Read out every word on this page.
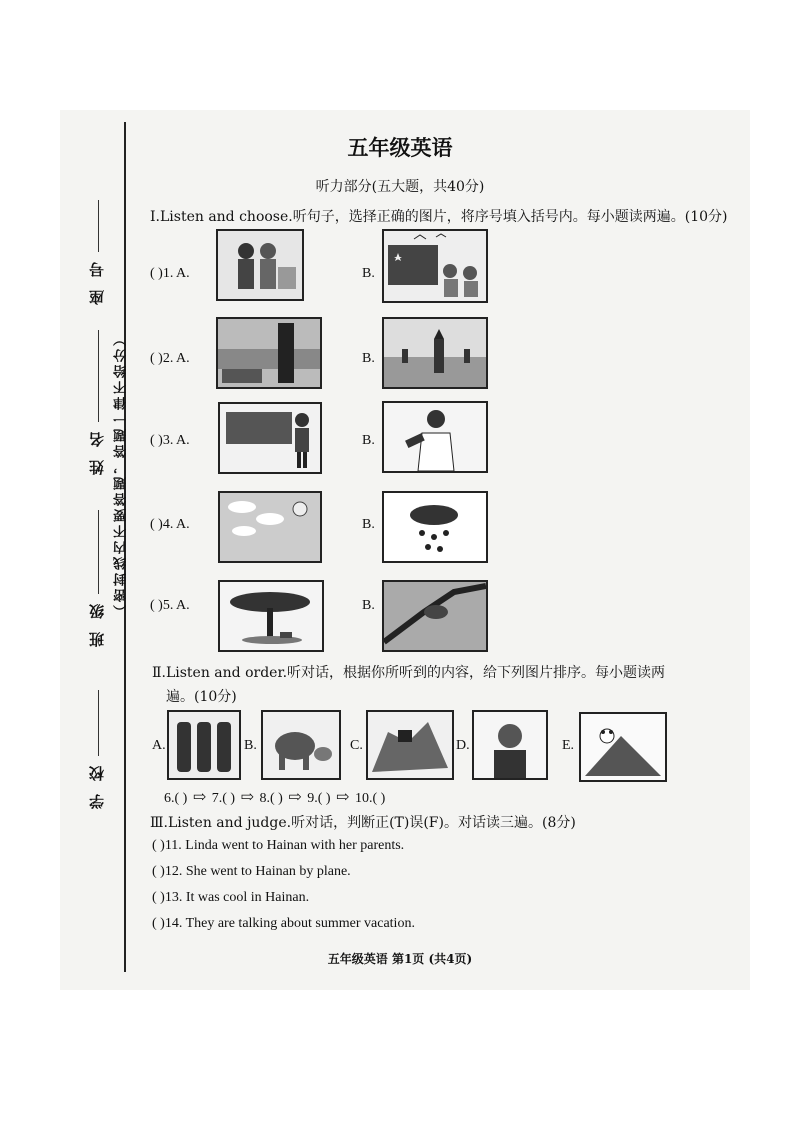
座 号
姓 名
班 级
学 校
（密封线内不要答题，答题一律不给分）
五年级英语
听力部分(五大题，共40分)
Ⅰ.Listen and choose.听句子，选择正确的图片，将序号填入括号内。每小题读两遍。(10分)
( )1. A.	B.
( )2. A.	B.
( )3. A.	B.
( )4. A.	B.
( )5. A.	B.
Ⅱ.Listen and order.听对话，根据你所听到的内容，给下列图片排序。每小题读两
遍。(10分)
A.	B.	C.	D.	E.
6.( ) ⇨ 7.( ) ⇨ 8.( ) ⇨ 9.( ) ⇨ 10.( )
Ⅲ.Listen and judge.听对话，判断正(T)误(F)。对话读三遍。(8分)
( )11. Linda went to Hainan with her parents.
( )12. She went to Hainan by plane.
( )13. It was cool in Hainan.
( )14. They are talking about summer vacation.
五年级英语 第1页 (共4页)
